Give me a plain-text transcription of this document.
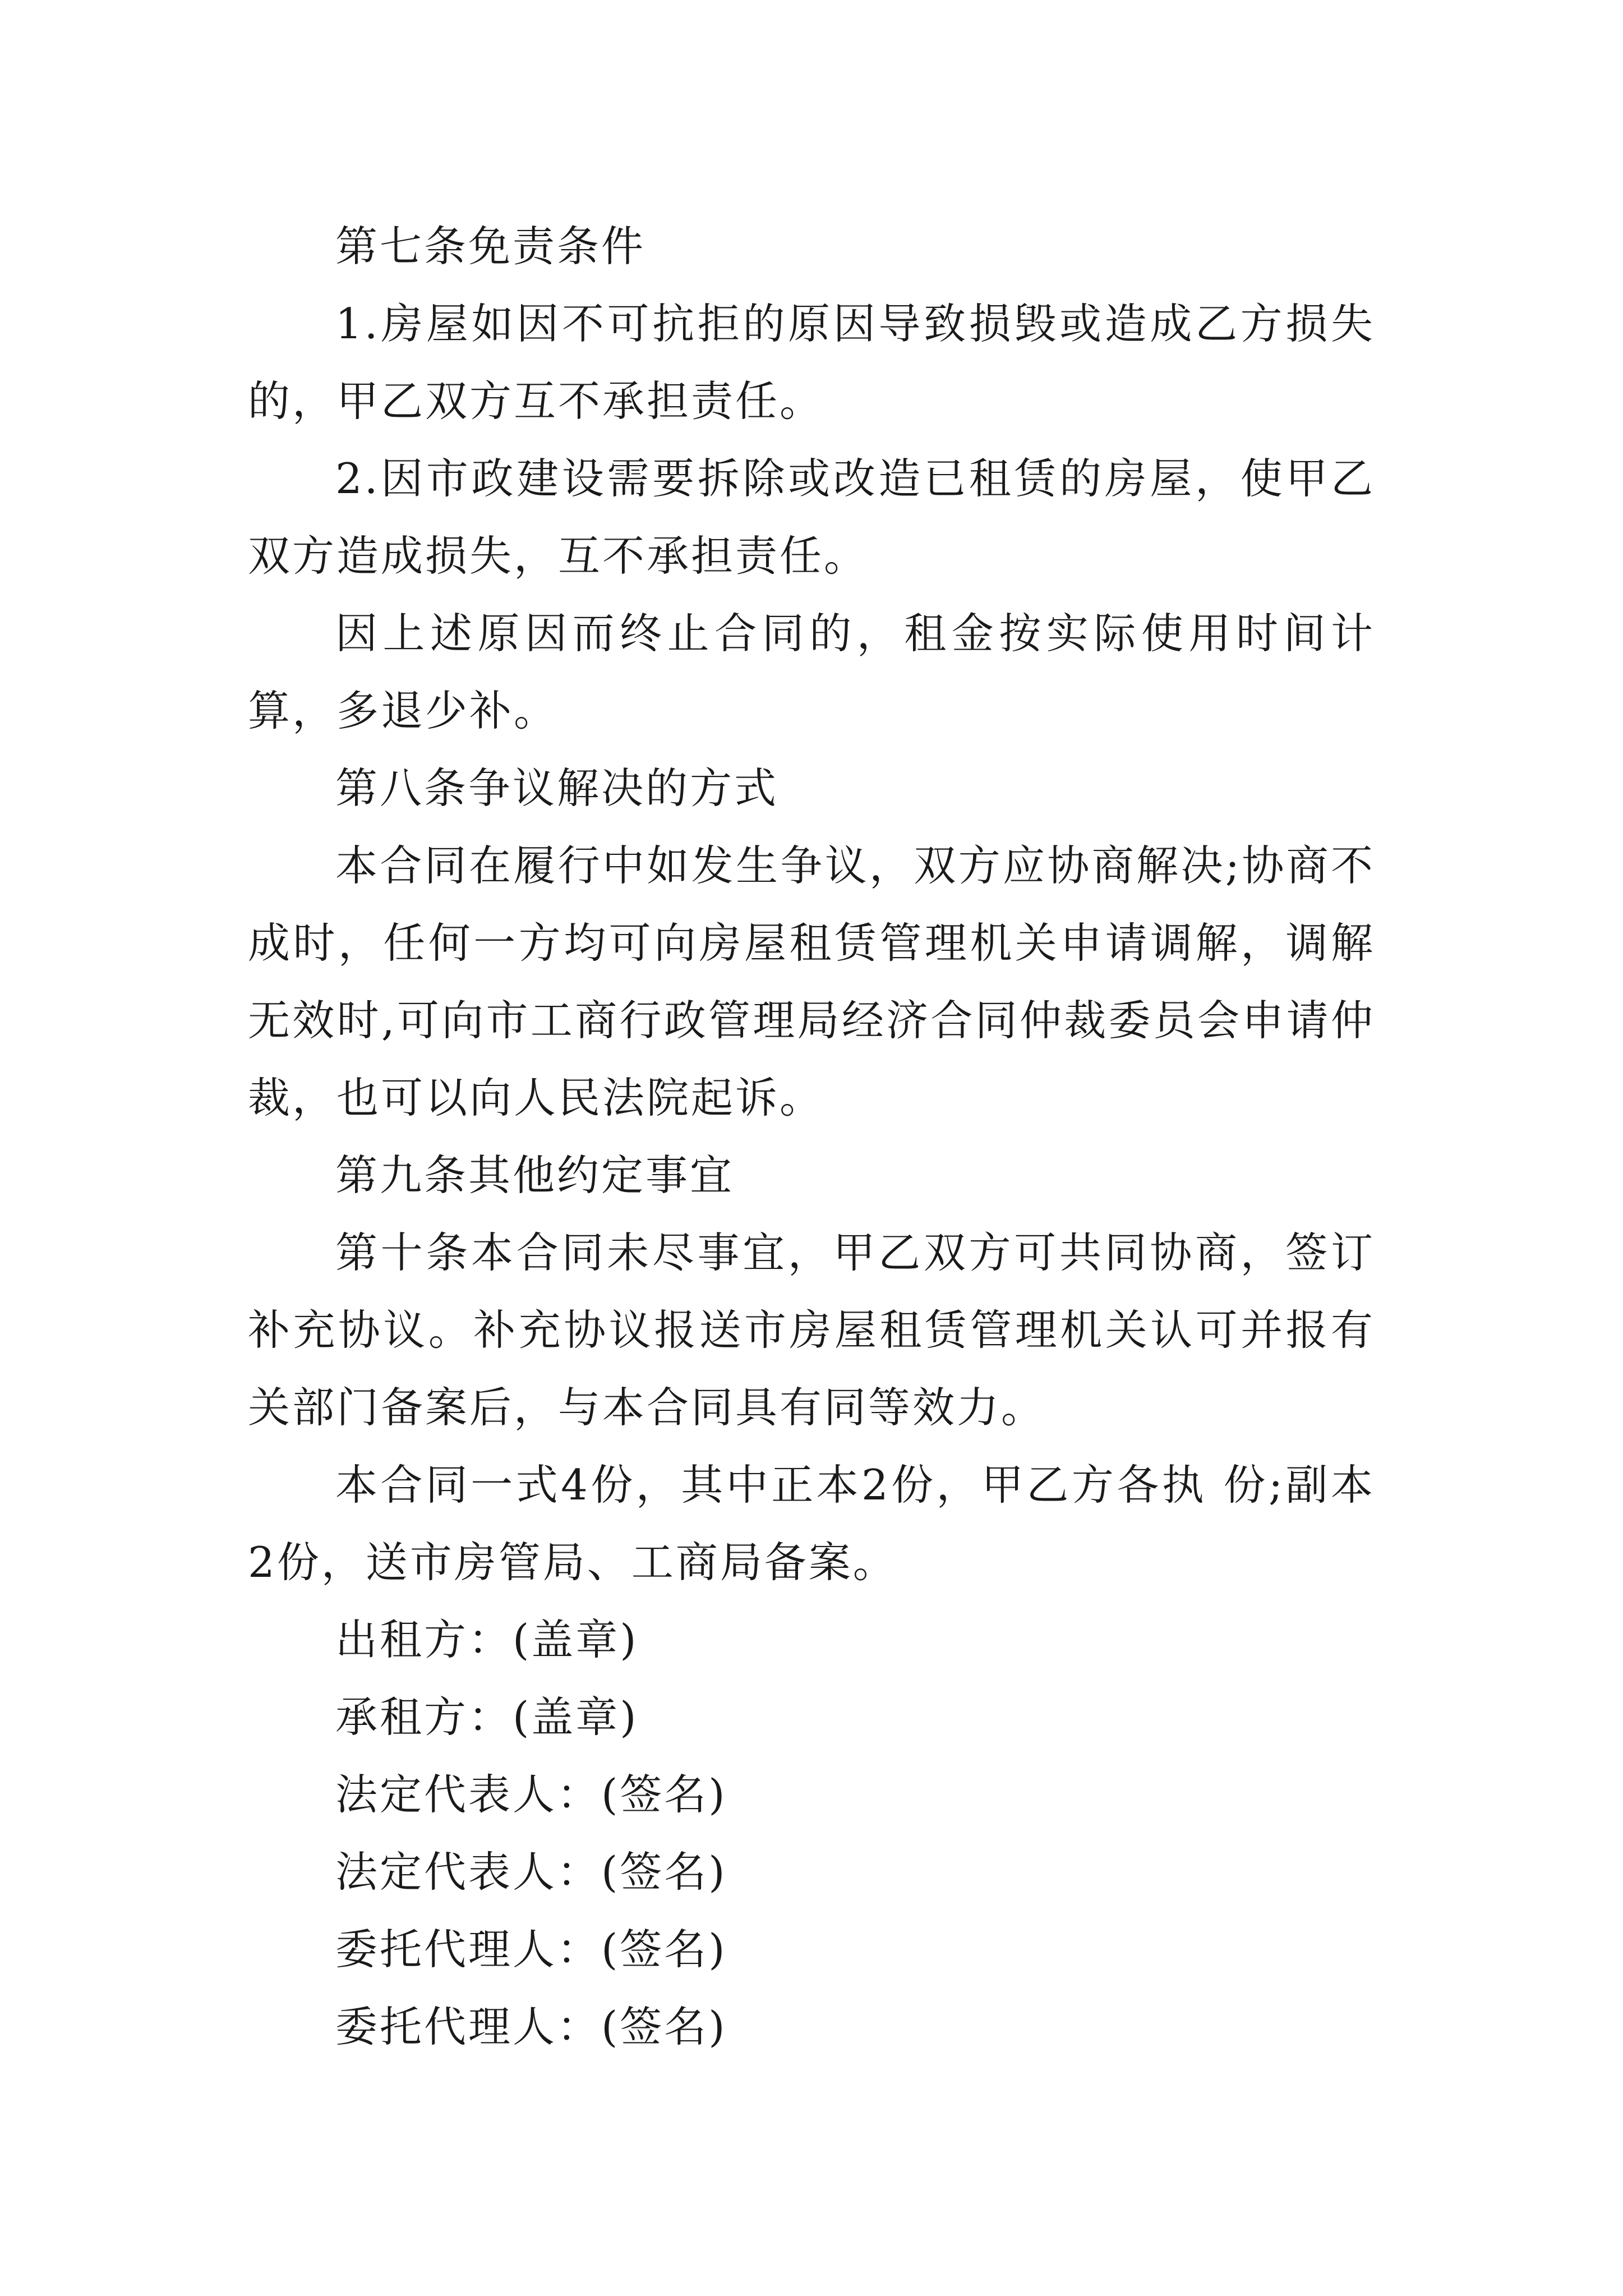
第七条免责条件

1.房屋如因不可抗拒的原因导致损毁或造成乙方损失的，甲乙双方互不承担责任。

2.因市政建设需要拆除或改造已租赁的房屋，使甲乙双方造成损失，互不承担责任。

因上述原因而终止合同的，租金按实际使用时间计算，多退少补。

第八条争议解决的方式

本合同在履行中如发生争议，双方应协商解决;协商不成时，任何一方均可向房屋租赁管理机关申请调解，调解无效时,可向市工商行政管理局经济合同仲裁委员会申请仲裁，也可以向人民法院起诉。

第九条其他约定事宜

第十条本合同未尽事宜，甲乙双方可共同协商，签订补充协议。补充协议报送市房屋租赁管理机关认可并报有关部门备案后，与本合同具有同等效力。

本合同一式4份，其中正本2份，甲乙方各执 份;副本2份，送市房管局、工商局备案。

出租方：(盖章)

承租方：(盖章)

法定代表人：(签名)

法定代表人：(签名)

委托代理人：(签名)

委托代理人：(签名)
